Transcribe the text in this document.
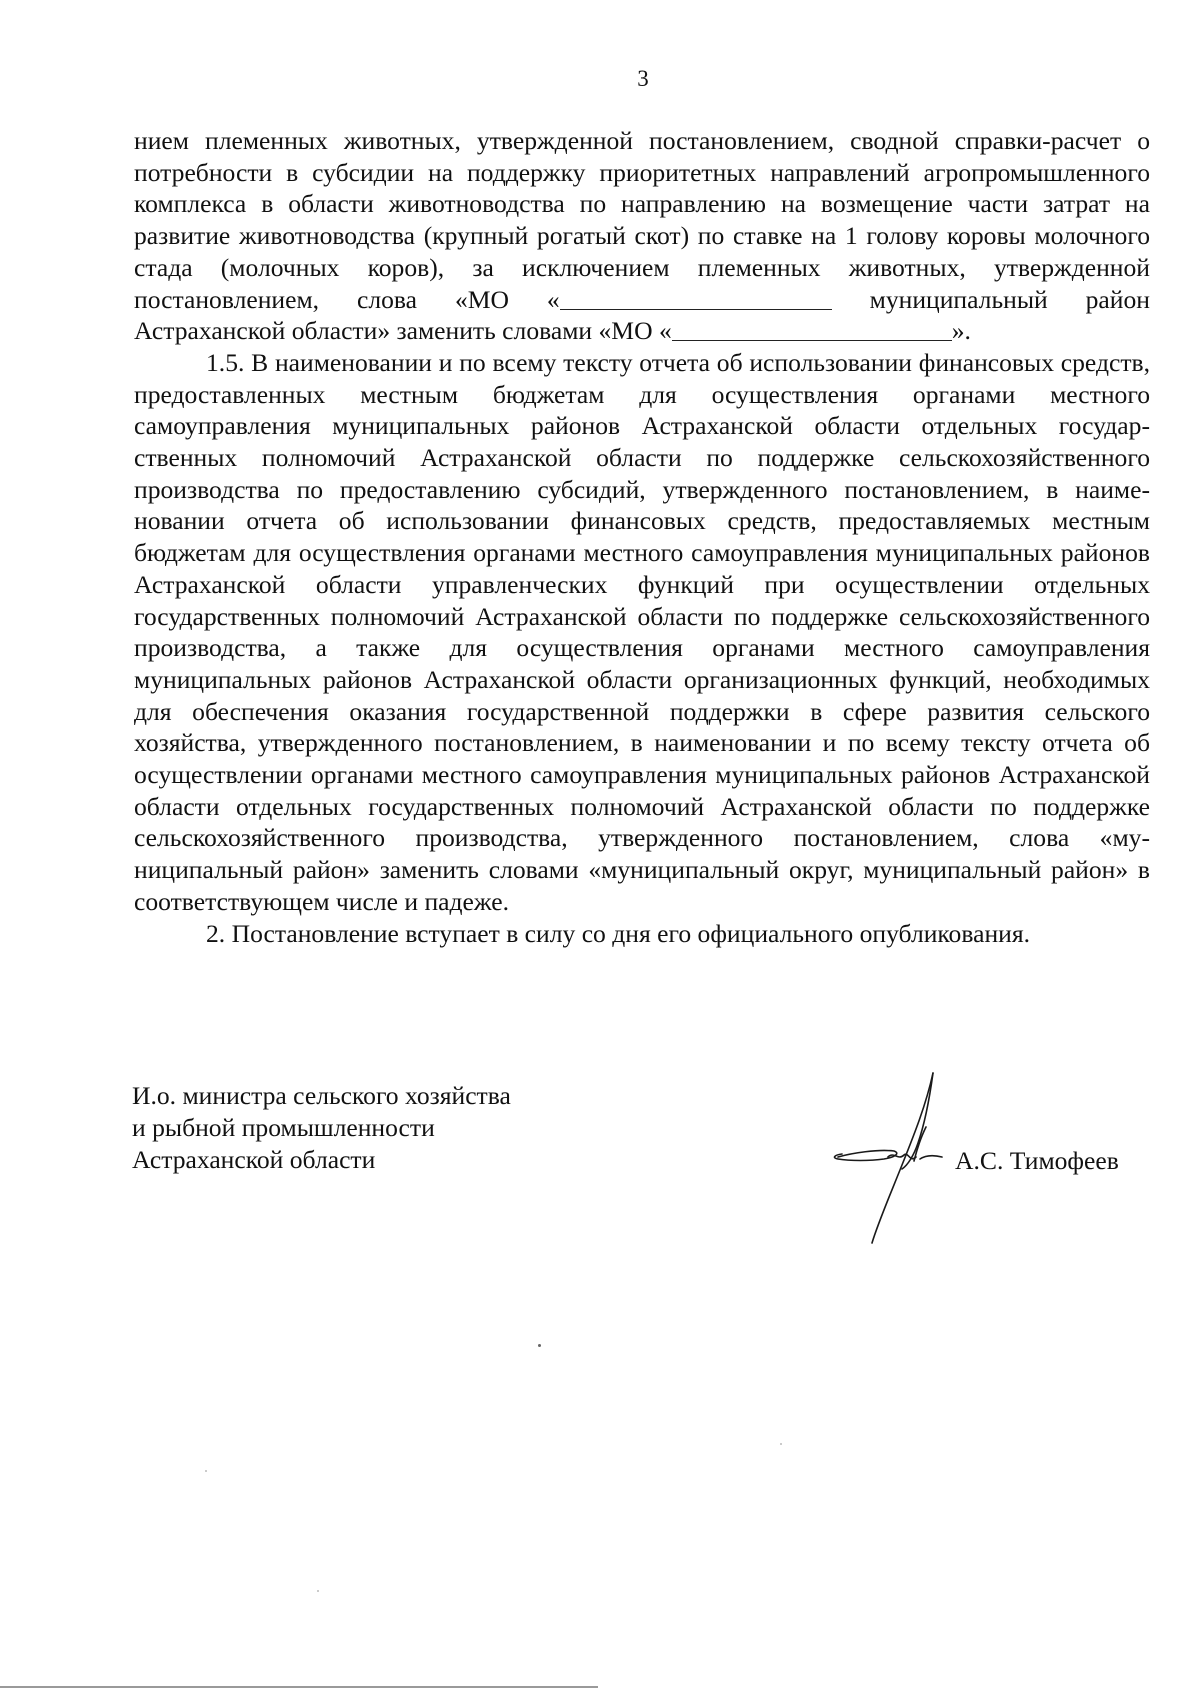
3

нием племенных животных, утвержденной постановлением, сводной справки-расчет о потребности в субсидии на поддержку приоритетных направлений агропромышленного комплекса в области животноводства по направлению на возмещение части затрат на развитие животноводства (крупный рогатый скот) по ставке на 1 голову коровы молочного стада (молочных коров), за исключением племенных животных, утвержденной постановлением, слова «МО «	муниципальный район Астраханской области» заменить словами «МО «	».

1.5. В наименовании и по всему тексту отчета об использовании финансовых средств, предоставленных местным бюджетам для осуществления органами местного самоуправления муниципальных районов Астраханской области отдельных государственных полномочий Астраханской области по поддержке сельскохозяйственного производства по предоставлению субсидий, утвержденного постановлением, в наименовании отчета об использовании финансовых средств, предоставляемых местным бюджетам для осуществления органами местного самоуправления муниципальных районов Астраханской области управленческих функций при осуществлении отдельных государственных полномочий Астраханской области по поддержке сельскохозяйственного производства, а также для осуществления органами местного самоуправления муниципальных районов Астраханской области организационных функций, необходимых для обеспечения оказания государственной поддержки в сфере развития сельского хозяйства, утвержденного постановлением, в наименовании и по всему тексту отчета об осуществлении органами местного самоуправления муниципальных районов Астраханской области отдельных государственных полномочий Астраханской области по поддержке сельскохозяйственного производства, утвержденного постановлением, слова «муниципальный район» заменить словами «муниципальный округ, муниципальный район» в соответствующем числе и падеже.

2. Постановление вступает в силу со дня его официального опубликования.

И.о. министра сельского хозяйства
и рыбной промышленности
Астраханской области	А.С. Тимофеев
